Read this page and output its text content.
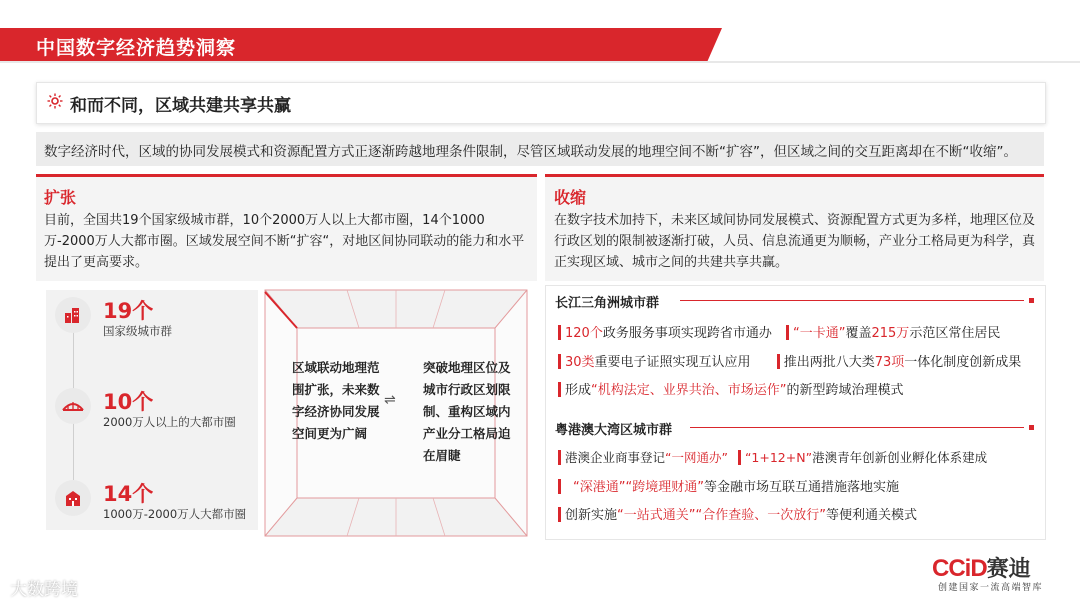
中国数字经济趋势洞察
和而不同，区域共建共享共赢
数字经济时代，区域的协同发展模式和资源配置方式正逐渐跨越地理条件限制，尽管区域联动发展的地理空间不断“扩容”，但区域之间的交互距离却在不断“收缩”。
扩张
目前，全国共19个国家级城市群，10个2000万人以上大都市圈，14个1000万-2000万人大都市圈。区域发展空间不断“扩容“，对地区间协同联动的能力和水平提出了更高要求。
19个
国家级城市群
10个
2000万人以上的大都市圈
14个
1000万-2000万人大都市圈
区域联动地理范围扩张，未来数字经济协同发展空间更为广阔
⇌
突破地理区位及城市行政区划限制、重构区域内产业分工格局迫在眉睫
收缩
在数字技术加持下，未来区域间协同发展模式、资源配置方式更为多样，地理区位及行政区划的限制被逐渐打破，人员、信息流通更为顺畅，产业分工格局更为科学，真正实现区域、城市之间的共建共享共赢。
长江三角洲城市群
120个政务服务事项实现跨省市通办 “一卡通”覆盖215万示范区常住居民
30类重要电子证照实现互认应用	推出两批八大类73项一体化制度创新成果
形成“机构法定、业界共治、市场运作”的新型跨域治理模式
粤港澳大湾区城市群
港澳企业商事登记“一网通办” “1+12+N”港澳青年创新创业孵化体系建成
“深港通”“跨境理财通”等金融市场互联互通措施落地实施
创新实施“一站式通关”“合作查验、一次放行”等便利通关模式
CCiD赛迪
创建国家一流高端智库
大数跨境
